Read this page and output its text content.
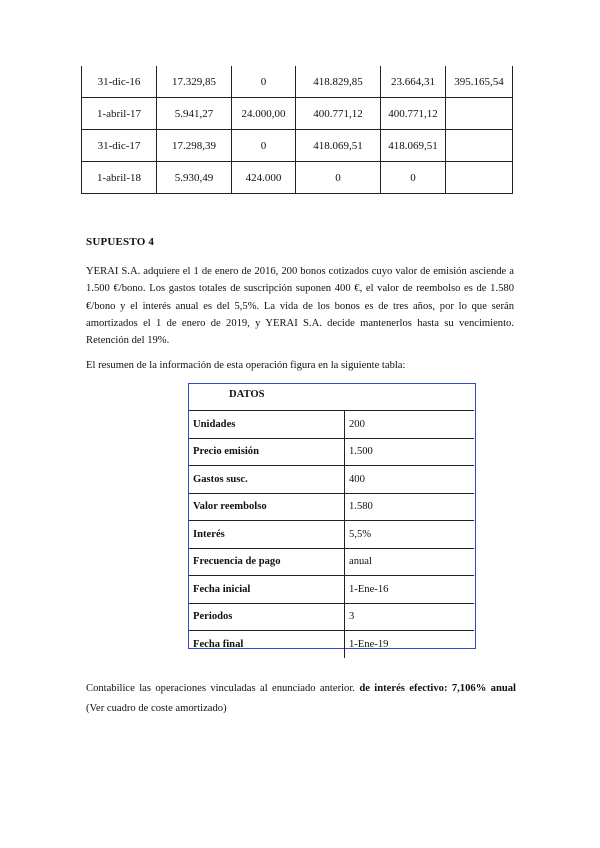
31-dic-16	17.329,85	0	418.829,85	23.664,31	395.165,54
1-abril-17	5.941,27	24.000,00	400.771,12	400.771,12	
31-dic-17	17.298,39	0	418.069,51	418.069,51	
1-abril-18	5.930,49	424.000	0	0	
SUPUESTO 4
YERAI S.A. adquiere el 1 de enero de 2016, 200 bonos cotizados cuyo valor de emisión asciende a 1.500 €/bono. Los gastos totales de suscripción suponen 400 €, el valor de reembolso es de 1.580 €/bono y el interés anual es del 5,5%. La vida de los bonos es de tres años, por lo que serán amortizados el 1 de enero de 2019, y YERAI S.A. decide mantenerlos hasta su vencimiento. Retención del 19%.
El resumen de la información de esta operación figura en la siguiente tabla:
DATOS
Unidades	200
Precio emisión	1.500
Gastos susc.	400
Valor reembolso	1.580
Interés	5,5%
Frecuencia de pago	anual
Fecha inicial	1-Ene-16
Periodos	3
Fecha final	1-Ene-19
Contabilice las operaciones vinculadas al enunciado anterior. de interés efectivo: 7,106% anual (Ver cuadro de coste amortizado)
